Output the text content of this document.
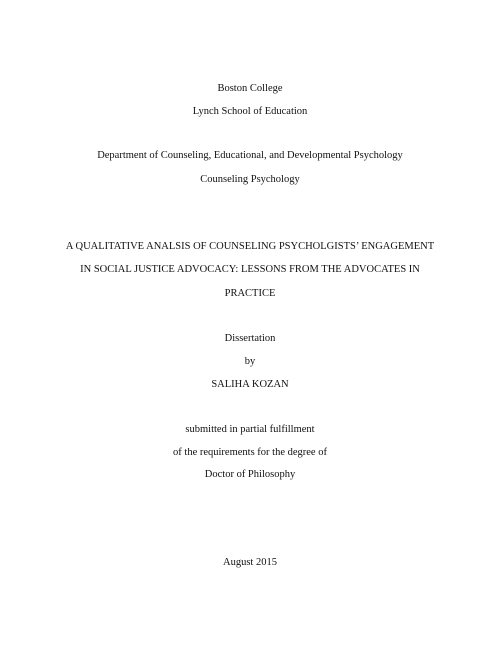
Boston College
Lynch School of Education
Department of Counseling, Educational, and Developmental Psychology
Counseling Psychology
A QUALITATIVE ANALSIS OF COUNSELING PSYCHOLGISTS’ ENGAGEMENT
IN SOCIAL JUSTICE ADVOCACY: LESSONS FROM THE ADVOCATES IN
PRACTICE
Dissertation
by
SALIHA KOZAN
submitted in partial fulfillment
of the requirements for the degree of
Doctor of Philosophy
August 2015
